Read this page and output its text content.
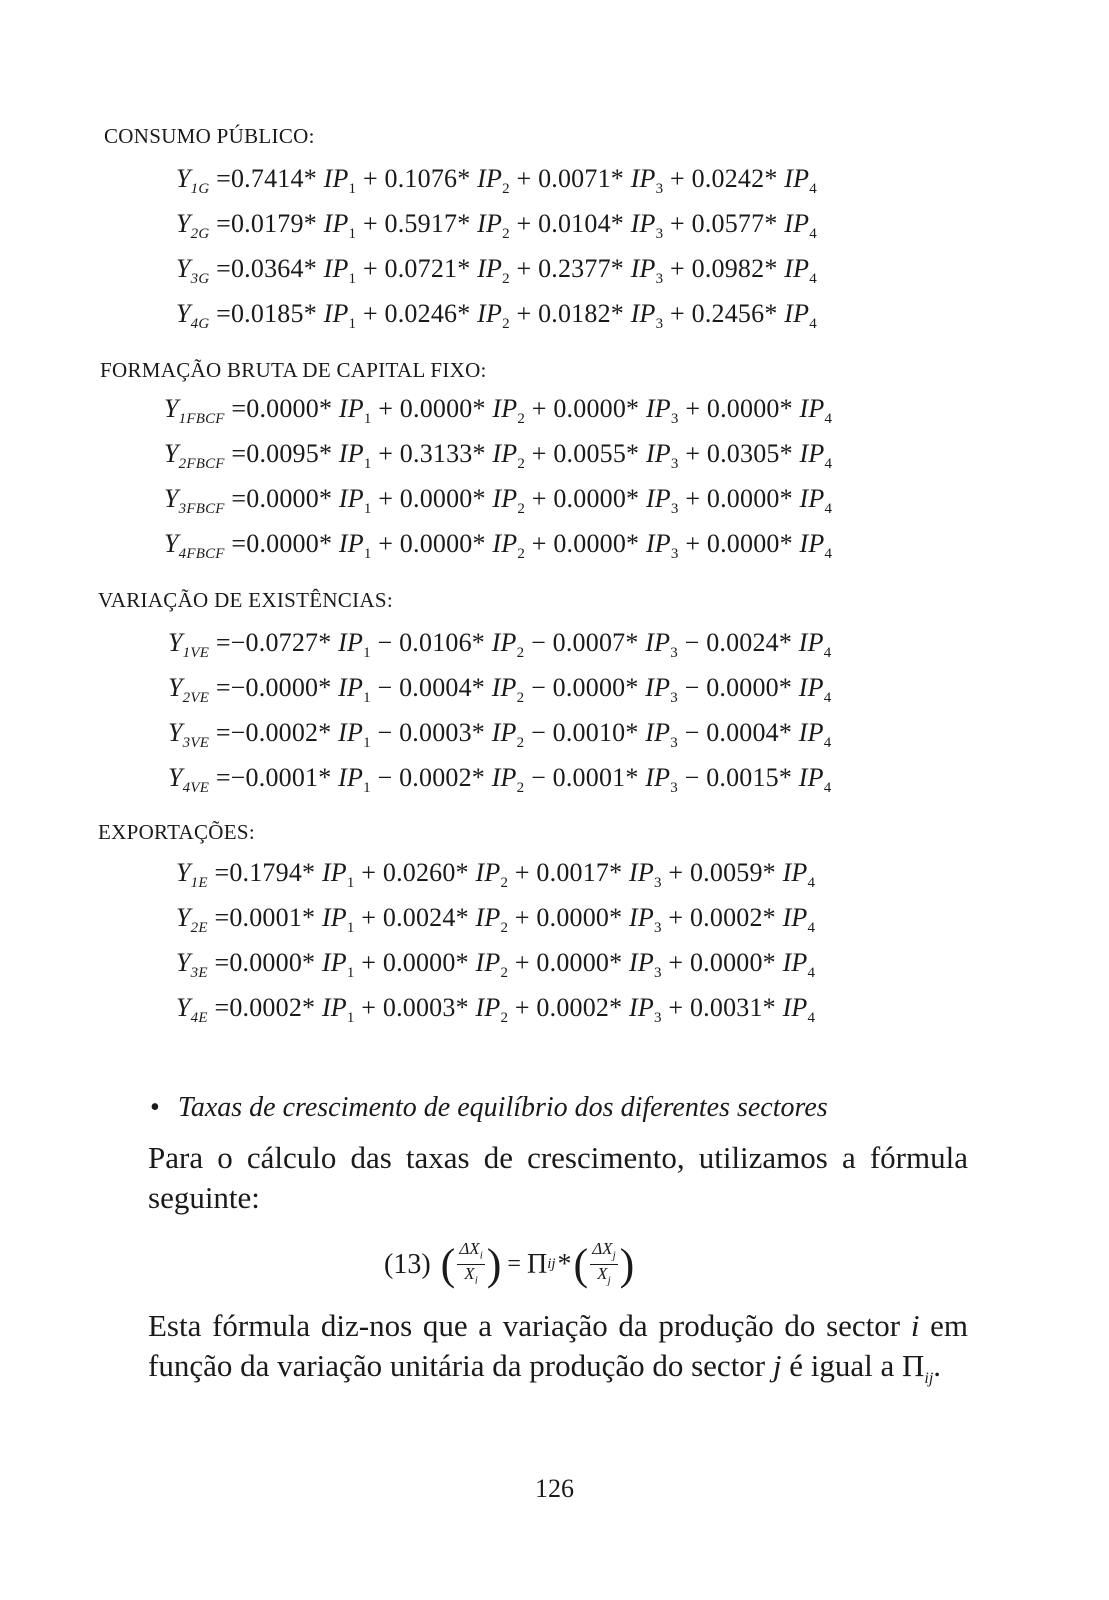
CONSUMO PÚBLICO:
FORMAÇÃO BRUTA DE CAPITAL FIXO:
VARIAÇÃO DE EXISTÊNCIAS:
EXPORTAÇÕES:
$Y_{1G} =0.7414*$ $IP_1 + 0.1076*$ $IP_2 + 0.0071*$ $IP_3 + 0.0242*$ $IP_4$
$Y_{2G} =0.0179*$ $IP_1 + 0.5917*$ $IP_2 + 0.0104*$ $IP_3 + 0.0577*$ $IP_4$
$Y_{3G} =0.0364*$ $IP_1 + 0.0721*$ $IP_2 + 0.2377*$ $IP_3 + 0.0982*$ $IP_4$
$Y_{4G} =0.0185*$ $IP_1 + 0.0246*$ $IP_2 + 0.0182*$ $IP_3 + 0.2456*$ $IP_4$
$Y_{1FBCF} =0.0000*$ $IP_1 + 0.0000*$ $IP_2 + 0.0000*$ $IP_3 + 0.0000*$ $IP_4$
$Y_{2FBCF} =0.0095*$ $IP_1 + 0.3133*$ $IP_2 + 0.0055*$ $IP_3 + 0.0305*$ $IP_4$
$Y_{3FBCF} =0.0000*$ $IP_1 + 0.0000*$ $IP_2 + 0.0000*$ $IP_3 + 0.0000*$ $IP_4$
$Y_{4FBCF} =0.0000*$ $IP_1 + 0.0000*$ $IP_2 + 0.0000*$ $IP_3 + 0.0000*$ $IP_4$
$Y_{1VE} =-0.0727*$ $IP_1 - 0.0106*$ $IP_2 - 0.0007*$ $IP_3 - 0.0024*$ $IP_4$
$Y_{2VE} =-0.0000*$ $IP_1 - 0.0004*$ $IP_2 - 0.0000*$ $IP_3 - 0.0000*$ $IP_4$
$Y_{3VE} =-0.0002*$ $IP_1 - 0.0003*$ $IP_2 - 0.0010*$ $IP_3 - 0.0004*$ $IP_4$
$Y_{4VE} =-0.0001*$ $IP_1 - 0.0002*$ $IP_2 - 0.0001*$ $IP_3 - 0.0015*$ $IP_4$
$Y_{1E} =0.1794*$ $IP_1 + 0.0260*$ $IP_2 + 0.0017*$ $IP_3 + 0.0059*$ $IP_4$
$Y_{2E} =0.0001*$ $IP_1 + 0.0024*$ $IP_2 + 0.0000*$ $IP_3 + 0.0002*$ $IP_4$
$Y_{3E} =0.0000*$ $IP_1 + 0.0000*$ $IP_2 + 0.0000*$ $IP_3 + 0.0000*$ $IP_4$
$Y_{4E} =0.0002*$ $IP_1 + 0.0003*$ $IP_2 + 0.0002*$ $IP_3 + 0.0031*$ $IP_4$
• Taxas de crescimento de equilíbrio dos diferentes sectores
Para o cálculo das taxas de crescimento, utilizamos a fórmula seguinte:
(13) ( $\frac{\Delta X_i}{X_i}$ ) = Π ij * ( $\frac{\Delta X_j}{X_j}$ )
Esta fórmula diz-nos que a variação da produção do sector i em função da variação unitária da produção do sector j é igual a $\Pi_{ij}$.
126
